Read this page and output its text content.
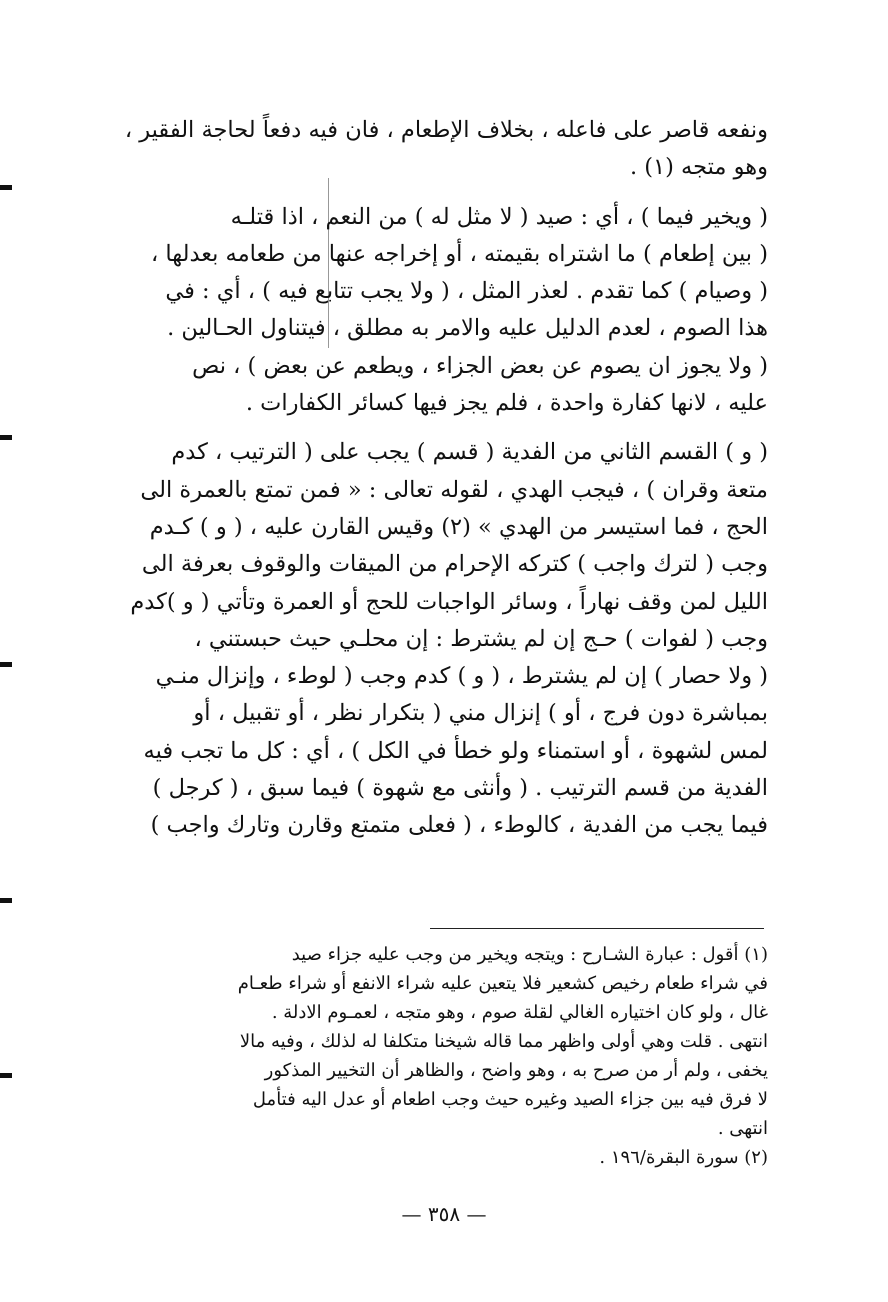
ونفعه قاصر على فاعله ، بخلاف الإطعام ، فان فيه دفعاً لحاجة الفقير ،
وهو متجه (١) .

( ويخير فيما ) ، أي : صيد ( لا مثل له ) من النعم ، اذا قتلـه
( بين إطعام ) ما اشتراه بقيمته ، أو إخراجه عنها من طعامه بعدلها ،
( وصيام ) كما تقدم . لعذر المثل ، ( ولا يجب تتابع فيه ) ، أي : في
هذا الصوم ، لعدم الدليل عليه والامر به مطلق ، فيتناول الحـالين .
( ولا يجوز ان يصوم عن بعض الجزاء ، ويطعم عن بعض ) ، نص
عليه ، لانها كفارة واحدة ، فلم يجز فيها كسائر الكفارات .

( و ) القسم الثاني من الفدية ( قسم ) يجب على ( الترتيب ، كدم
متعة وقران ) ، فيجب الهدي ، لقوله تعالى : « فمن تمتع بالعمرة الى
الحج ، فما استيسر من الهدي » (٢) وقيس القارن عليه ، ( و ) كـدم
وجب ( لترك واجب ) كتركه الإحرام من الميقات والوقوف بعرفة الى
الليل لمن وقف نهاراً ، وسائر الواجبات للحج أو العمرة وتأتي ( و )كدم
وجب ( لفوات ) حـج إن لم يشترط : إن محلـي حيث حبستني ،
( ولا حصار ) إن لم يشترط ، ( و ) كدم وجب ( لوطء ، وإنزال منـي
بمباشرة دون فرج ، أو ) إنزال مني ( بتكرار نظر ، أو تقبيل ، أو
لمس لشهوة ، أو استمناء ولو خطأ في الكل ) ، أي : كل ما تجب فيه
الفدية من قسم الترتيب . ( وأنثى مع شهوة ) فيما سبق ، ( كرجل )
فيما يجب من الفدية ، كالوطء ، ( فعلى متمتع وقارن وتارك واجب )

(١) أقول : عبارة الشـارح : ويتجه ويخير من وجب عليه جزاء صيد
في شراء طعام رخيص كشعير فلا يتعين عليه شراء الانفع أو شراء طعـام
غال ، ولو كان اختياره الغالي لقلة صوم ، وهو متجه ، لعمـوم الادلة .
انتهى . قلت وهي أولى واظهر مما قاله شيخنا متكلفا له لذلك ، وفيه مالا
يخفى ، ولم أر من صرح به ، وهو واضح ، والظاهر أن التخيير المذكور
لا فرق فيه بين جزاء الصيد وغيره حيث وجب اطعام أو عدل اليه فتأمل
انتهى .
(٢) سورة البقرة/١٩٦ .
— ٣٥٨ —
